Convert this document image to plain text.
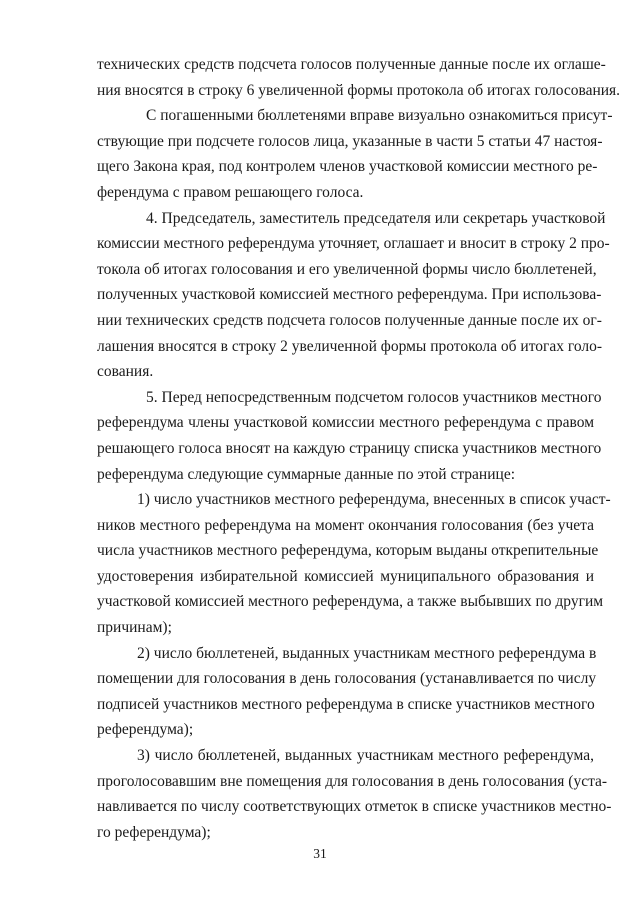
технических средств подсчета голосов полученные данные после их оглаше-
ния вносятся в строку 6 увеличенной формы протокола об итогах голосования.
С погашенными бюллетенями вправе визуально ознакомиться присут-
ствующие при подсчете голосов лица, указанные в части 5 статьи 47 настоя-
щего Закона края, под контролем членов участковой комиссии местного ре-
ферендума с правом решающего голоса.
4. Председатель, заместитель председателя или секретарь участковой
комиссии местного референдума уточняет, оглашает и вносит в строку 2 про-
токола об итогах голосования и его увеличенной формы число бюллетеней,
полученных участковой комиссией местного референдума. При использова-
нии технических средств подсчета голосов полученные данные после их ог-
лашения вносятся в строку 2 увеличенной формы протокола об итогах голо-
сования.
5. Перед непосредственным подсчетом голосов участников местного
референдума члены участковой комиссии местного референдума с правом
решающего голоса вносят на каждую страницу списка участников местного
референдума следующие суммарные данные по этой странице:
1) число участников местного референдума, внесенных в список участ-
ников местного референдума на момент окончания голосования (без учета
числа участников местного референдума, которым выданы открепительные
удостоверения избирательной комиссией муниципального образования и
участковой комиссией местного референдума, а также выбывших по другим
причинам);
2) число бюллетеней, выданных участникам местного референдума в
помещении для голосования в день голосования (устанавливается по числу
подписей участников местного референдума в списке участников местного
референдума);
3) число бюллетеней, выданных участникам местного референдума,
проголосовавшим вне помещения для голосования в день голосования (уста-
навливается по числу соответствующих отметок в списке участников местно-
го референдума);
31
